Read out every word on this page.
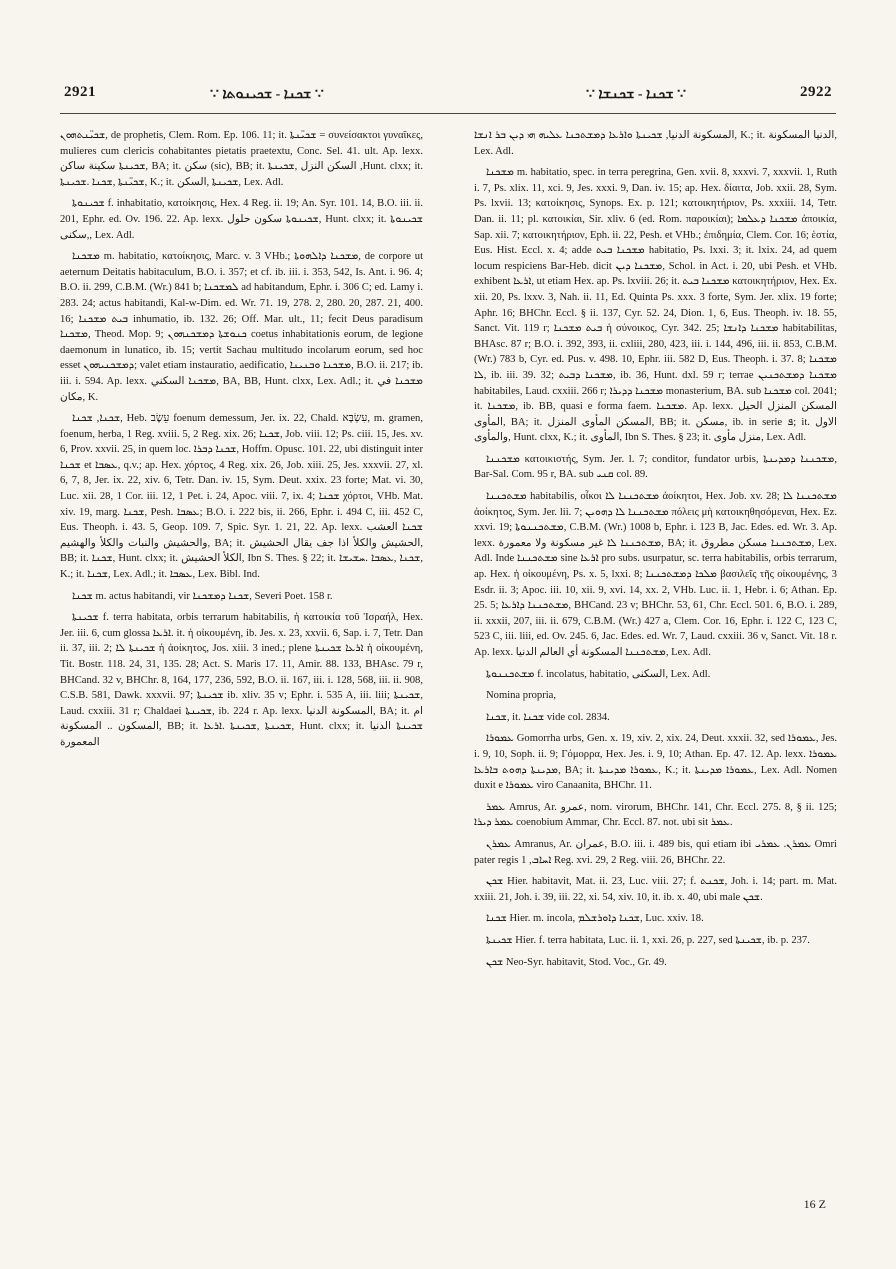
2921	∵ ܫܟܢܐ - ܫܟܝܢܘܬܐ ∵	∵ ܫܟܢܐ - ܫܟܢܫܐ ∵	2922

ܫܟܝ̈ܢܬܗܘܢ, de prophetis, Clem. Rom. Ep. 106. 11; it. ܫܟܝ̈ܢܬܐ = συνείσακτοι γυναῖκες, mulieres cum clericis cohabitantes pietatis praetextu, Conc. Sel. 41. ult. Ap. lexx. ܫܟܝܢܬܐ سكينة ساكن, BA; it. سكن (sic), BB; it. السكن النزل ,ܫܟܝܢܬܐ ,Hunt. clxx; it. ܫܟܝ̈ܢܬܐ ,ܫܟܢܐ .ܫܟܝܢܬܐ, K.; it. ܫܟܝܢܬܐ ,السكن, Lex. Adl.

ܫܟܝܢܘܬܐ f. inhabitatio, κατοίκησις, Hex. 4 Reg. ii. 19; An. Syr. 101. 14, B.O. iii. ii. 201, Ephr. ed. Ov. 196. 22. Ap. lexx. ܫܟܝܢܘܬܐ سكون حلول, Hunt. clxx; it. ܫܟܝܢܘܬܐ ,سكنى, Lex. Adl.

ܡܫܟܢܐ m. habitatio, κατοίκησις, Marc. v. 3 VHb.; ܡܫܟܢܐ ܕܐܠܗܘܬܐ, de corpore ut aeternum Deitatis habitaculum, B.O. i. 357; et cf. ib. iii. i. 353, 542, Is. Ant. i. 96. 4; B.O. ii. 299, C.B.M. (Wr.) 841 b; ܠܡܫܟܢܐ ad habitandum, Ephr. i. 306 C; ed. Lamy i. 283. 24; actus habitandi, Kal-w-Dim. ed. Wr. 71. 19, 278. 2, 280. 20, 287. 21, 400. 16; ܒܝܬ ܡܫܟܢܐ inhumatio, ib. 132. 26; Off. Mar. ult., 11; fecit Deus paradisum ܡܫܟܢܐ, Theod. Mop. 9; ܟܢܘܫܬܐ ܕܡܫܟܢܗܘܢ coetus inhabitationis eorum, de legione daemonum in lunatico, ib. 15; vertit Sachau multitudo incolarum eorum, sed hoc esset ܕܡܫܟܢܝܗܘܢ; valet etiam instauratio, aedificatio, ܡܫܟܢܐ ܘܒܢܝܢܐ, B.O. ii. 217; ib. iii. i. 594. Ap. lexx. ܡܫܟܢܐ السكني, BA, BB, Hunt. clxx, Lex. Adl.; it. ܡܫܟܢܐ في مكان, K.

ܫܟܢܐ, ܫܟܢܐ, Heb. עֵשֶׂב foenum demessum, Jer. ix. 22, Chald. עִשְׂבָּא, m. gramen, foenum, herba, 1 Reg. xviii. 5, 2 Reg. xix. 26; ܫܟܢܐ, Job. viii. 12; Ps. ciii. 15, Jes. xv. 6, Prov. xxvii. 25, in quem loc. ܫܟܢܐ ܕܒܪܐ, Hoffm. Opusc. 101. 22, ubi distinguit inter ܫܟܢܐ et ܥܣܒܐ, q.v.; ap. Hex. χόρτος, 4 Reg. xix. 26, Job. xiii. 25, Jes. xxxvii. 27, xl. 6, 7, 8, Jer. ix. 22, xiv. 6, Tetr. Dan. iv. 15, Sym. Deut. xxix. 23 forte; Mat. vi. 30, Luc. xii. 28, 1 Cor. iii. 12, 1 Pet. i. 24, Apoc. viii. 7, ix. 4; ܫܟܢܐ χόρτοι, VHb. Mat. xiv. 19, marg. ܫܟܢܐ, Pesh. ܥܣܒܐ; B.O. i. 222 bis, ii. 266, Ephr. i. 494 C, iii. 452 C, Eus. Theoph. i. 43. 5, Geop. 109. 7, Spic. Syr. 1. 21, 22. Ap. lexx. ܫܟܢܐ العشب والحشيش والنبات والكلأ والهشيم, BA; it. الحشيش والكلأ اذا جف يقال الحشيش, BB; it. ܫܟܢܐ, Hunt. clxx; it. الكلأ الحشيش, Ibn S. Thes. § 22; it. ܫܟܢܐ ,ܥܣܒܐ .ܚܫܝܫܐ, K.; it. ܫܟܢܐ, Lex. Adl.; it. ܥܣܒܐ, Lex. Bibl. Ind.

ܫܟܢܐ m. actus habitandi, vir ܫܟܢܐ ܕܡܫܟܢܐ, Severi Poet. 158 r.

ܫܟܝܢܬܐ f. terra habitata, orbis terrarum habitabilis, ἡ κατοικία τοῦ Ἰσραήλ, Hex. Jer. iii. 6, cum glossa ܐܪܥܐ. it. ἡ οἰκουμένη, ib. Jes. x. 23, xxvii. 6, Sap. i. 7, Tetr. Dan ii. 37, iii. 2; ܫܟܝܢܬܐ ܠܐ ἡ ἀοίκητος, Jos. xiii. 3 ined.; plene ܐܪܥܐ ܫܟܝܢܬܐ ἡ οἰκουμένη, Tit. Bostr. 118. 24, 31, 135. 28; Act. S. Maris 17. 11, Amir. 88. 133, BHAsc. 79 r, BHCand. 32 v, BHChr. 8, 164, 177, 236, 592, B.O. ii. 167, iii. i. 128, 568, iii. ii. 908, C.S.B. 581, Dawk. xxxvii. 97; ܫܟܝܢܬܐ ib. xliv. 35 v; Ephr. i. 535 A, iii. liii; ܫܟܝܢܬܐ, Laud. cxxiii. 31 r; Chaldaei ܫܟܝܢܬܐ, ib. 224 r. Ap. lexx. المسكونة الدنيا, BA; it. ام المسكون .. المسكونة, BB; it. ܫܟܝܢܬܐ ,ܫܟܝܢܬܐ .ܐܪܥܐ, Hunt. clxx; it. ܫܟܝܢܬܐ الدنيا المعمورة

المسكونة الدنيا, ܫܟܝܢܬܐ ܘܐܪܥܐ ܕܡܫܬܟܢܐ ܥܠܝܗ ܗܝ ܕܝܢ ܒܪ ܐܢܫܐ, K.; it. الدنيا المسكونة, Lex. Adl.

ܡܫܟܢܐ m. habitatio, spec. in terra peregrina, Gen. xvii. 8, xxxvi. 7, xxxvii. 1, Ruth i. 7, Ps. xlix. 11, xci. 9, Jes. xxxi. 9, Dan. iv. 15; ap. Hex. δίαιτα, Job. xxii. 28, Sym. Ps. lxvii. 13; κατοίκησις, Synops. Ex. p. 121; κατοικητήριον, Ps. xxxiii. 14, Tetr. Dan. ii. 11; pl. κατοικίαι, Sir. xliv. 6 (ed. Rom. παροικίαι); ܡܫܟܢܐ ܕܥܠܡܐ ἀποικία, Sap. xii. 7; κατοικητήριον, Eph. ii. 22, Pesh. et VHb.; ἐπιδημία, Clem. Cor. 16; ἑστία, Eus. Hist. Eccl. x. 4; adde ܡܫܟܢܐ ܒܝܬ habitatio, Ps. lxxi. 3; it. lxix. 24, ad quem locum respiciens Bar-Heb. dicit ܡܫܟܢܐ ܕܝܢ, Schol. in Act. i. 20, ubi Pesh. et VHb. exhibent ܐܪܥܐ, ut etiam Hex. ap. Ps. lxviii. 26; it. ܡܫܟܢܐ ܒܝܬ κατοικητήριον, Hex. Ex. xii. 20, Ps. lxxv. 3, Nah. ii. 11, Ed. Quinta Ps. xxx. 3 forte, Sym. Jer. xlix. 19 forte; Aphr. 16; BHChr. Eccl. § ii. 137, Cyr. 52. 24, Dion. 1, 6, Eus. Theoph. iv. 18. 55, Sanct. Vit. 119 r; ܒܝܬ ܡܫܟܢܐ ἡ σύνοικος, Cyr. 342. 25; ܡܫܟܢܐ ܕܐܢܫܐ habitabilitas, BHAsc. 87 r; B.O. i. 392, 393, ii. cxliii, 280, 423, iii. i. 144, 496, iii. ii. 853, C.B.M. (Wr.) 783 b, Cyr. ed. Pus. v. 498. 10, Ephr. iii. 582 D, Eus. Theoph. i. 37. 8; ܡܫܟܢܐ ܠܐ, ib. iii. 39. 32; ܡܫܟܢܐ ܕܒܝܬ, ib. 36, Hunt. dxl. 59 r; terrae ܡܫܟܢܐ ܕܡܫܬܟܢܝܢ habitabiles, Laud. cxxiii. 266 r; ܡܫܟܢܐ ܕܕܝܪܐ monasterium, BA. sub ܡܫܟܢܐ col. 2041; it. ܡܫܟܢܐ, ib. BB, quasi e forma faem. ܡܫܟܢܐ. Ap. lexx. المسكن المنزل الحيل المأوى, BA; it. المسكن المأوى المنزل, BB; it. مسكن, ib. in serie ܦ; it. الاول والمأوى, Hunt. clxx, K.; it. المأوى, Ibn S. Thes. § 23; it. منزل مأوى, Lex. Adl.

ܡܫܟܢܢܐ κατοικιστής, Sym. Jer. l. 7; conditor, fundator urbis, ܡܫܟܢܢܐ ܕܡܕܝܢܬܐ, Bar-Sal. Com. 95 r, BA. sub ܩܢܝ col. 89.

ܡܫܬܟܢܢܐ habitabilis, οἶκοι ܡܫܬܟܢܢܐ ܠܐ ἀοίκητοι, Hex. Job. xv. 28; ܡܫܬܟܢܢܐ ܠܐ ἀοίκητος, Sym. Jer. lii. 7; ܡܫܬܟܢܢܐ ܠܐ ܕܗܘܝܢ πόλεις μὴ κατοικηθησόμεναι, Hex. Ez. xxvi. 19; ܡܫܬܟܢܢܘܬܐ, C.B.M. (Wr.) 1008 b, Ephr. i. 123 B, Jac. Edes. ed. Wr. 3. Ap. lexx. ܡܫܬܟܢܢܐ ܠܐ غير مسكونة ولا معمورة, BA; it. ܡܫܬܟܢܢܐ مسكن مطروق, Lex. Adl. Inde ܡܫܬܟܢܢܐ sine ܐܪܥܐ pro subs. usurpatur, sc. terra habitabilis, orbis terrarum, ap. Hex. ἡ οἰκουμένη, Ps. x. 5, lxxi. 8; ܡܠܟܐ ܕܡܫܬܟܢܢܐ βασιλεῖς τῆς οἰκουμένης, 3 Esdr. ii. 3; Apoc. iii. 10, xii. 9, xvi. 14, xx. 2, VHb. Luc. ii. 1, Hebr. i. 6; Athan. Ep. 25. 5; ܡܫܬܟܢܢܐ ܕܐܪܥܐ, BHCand. 23 v; BHChr. 53, 61, Chr. Eccl. 501. 6, B.O. i. 289, ii. xxxii, 207, iii. ii. 679, C.B.M. (Wr.) 427 a, Clem. Cor. 16, Ephr. i. 122 C, 123 C, 523 C, iii. liii, ed. Ov. 245. 6, Jac. Edes. ed. Wr. 7, Laud. cxxiii. 36 v, Sanct. Vit. 18 r. Ap. lexx. ܡܫܬܟܢܢܐ المسكونة أي العالم الدنيا, Lex. Adl.

ܡܫܬܟܢܢܘܬܐ f. incolatus, habitatio, السكنى, Lex. Adl.

Nomina propria,

ܫܟܢܐ, it. ܫܟܢܐ vide col. 2834.

ܥܡܘܪܐ Gomorrha urbs, Gen. x. 19, xiv. 2, xix. 24, Deut. xxxii. 32, sed ܥܡܘܪܐ, Jes. i. 9, 10, Soph. ii. 9; Γόμορρα, Hex. Jes. i. 9, 10; Athan. Ep. 47. 12. Ap. lexx. ܥܡܘܪܐ ܡܕܝܢܬܐ ܕܗܘܬ ܒܐܪܥܐ, BA; it. ܥܡܘܪܐ ܡܕܝܢܬܐ, K.; it. ܥܡܘܪܐ ܡܕܝܢܬܐ, Lex. Adl. Nomen duxit e ܥܡܘܪܐ viro Canaanita, BHChr. 11.

ܥܡܪ Amrus, Ar. عمرو, nom. virorum, BHChr. 141, Chr. Eccl. 275. 8, § ii. 125; ܥܡܪ ܕܝܪܐ coenobium Ammar, Chr. Eccl. 87. not. ubi sit ܥܡܪ.

ܥܡܪܢ Amranus, Ar. عمران, B.O. iii. i. 489 bis, qui etiam ibi ܥܡܪܢ. ܥܡܪܝ Omri pater regis ܐܚܐܒ, 1 Reg. xvi. 29, 2 Reg. viii. 26, BHChr. 22.

ܫܟܢ Hier. habitavit, Mat. ii. 23, Luc. viii. 27; f. ܫܟܢܬ, Joh. i. 14; part. m. Mat. xxiii. 21, Joh. i. 39, iii. 22, xi. 54, xiv. 10, it. ib. x. 40, ubi male ܫܟܢ.

ܫܟܢܐ Hier. m. incola, ܫܟܢܐ ܕܐܘܪܫܠܡ, Luc. xxiv. 18.

ܫܟܝܢܬܐ Hier. f. terra habitata, Luc. ii. 1, xxi. 26, p. 227, sed ܫܟܝܢܬܐ, ib. p. 237.

ܫܟܢ Neo-Syr. habitavit, Stod. Voc., Gr. 49.

16 Z
